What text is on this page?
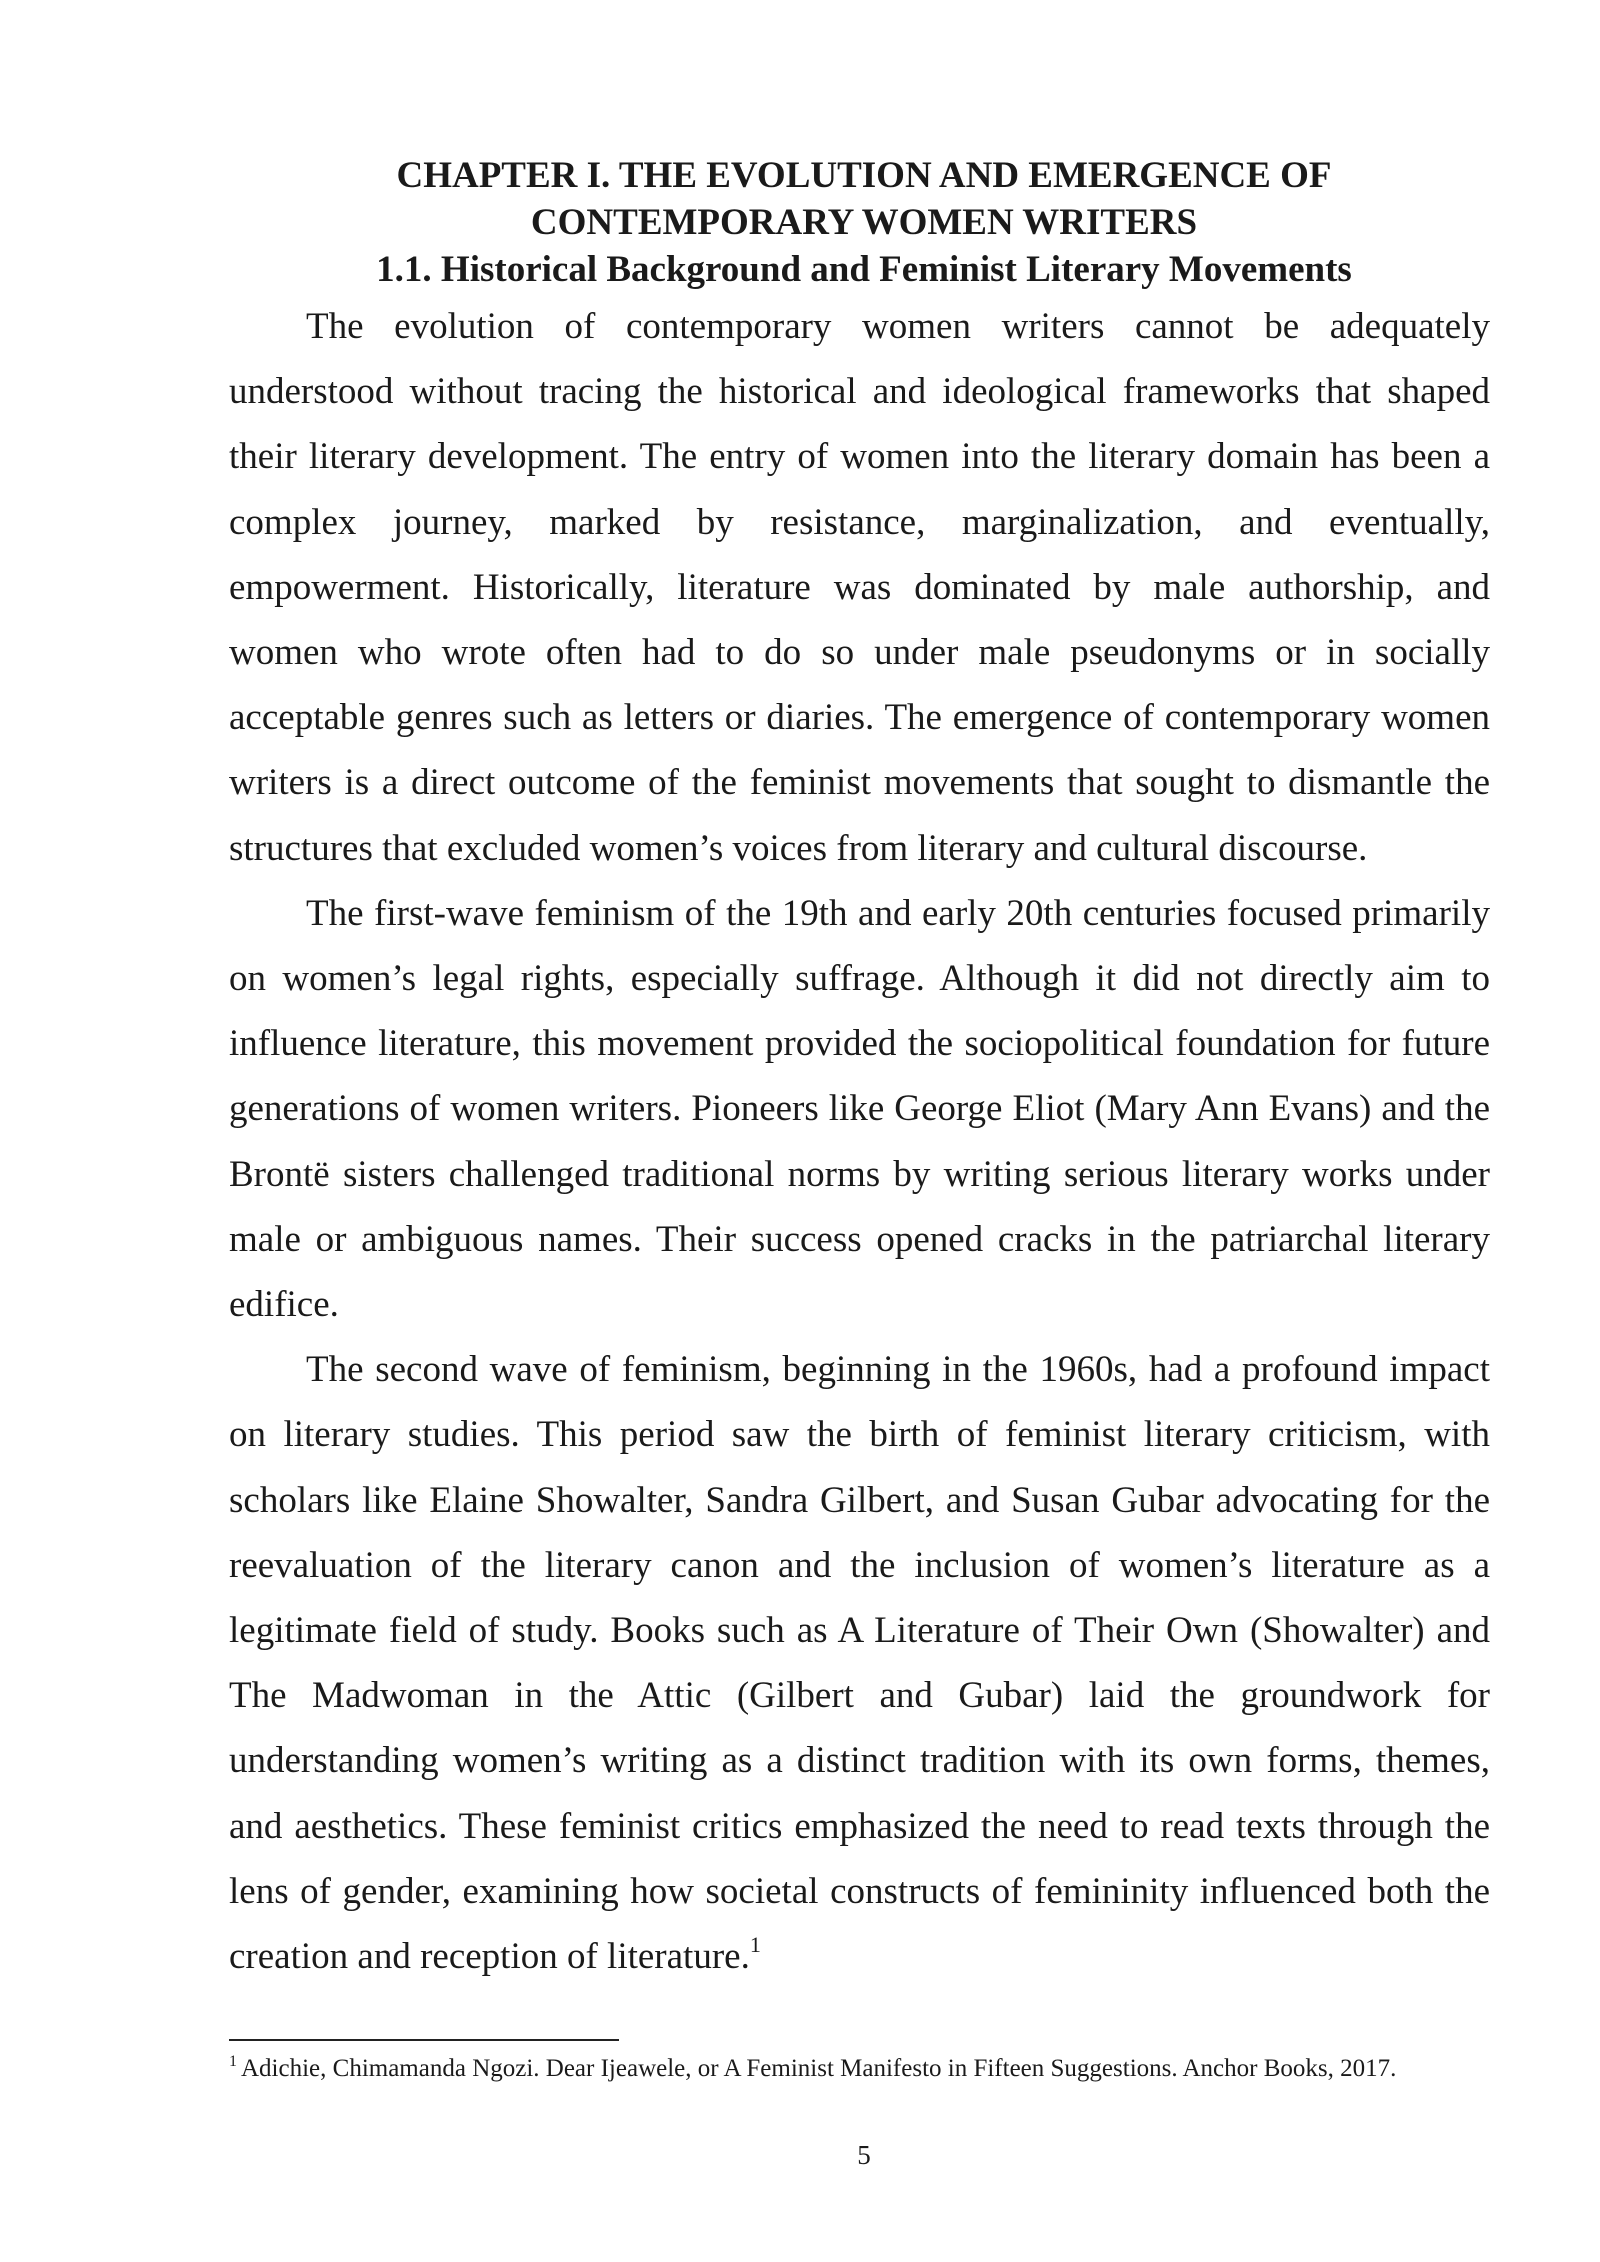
CHAPTER I. THE EVOLUTION AND EMERGENCE OF
CONTEMPORARY WOMEN WRITERS
1.1. Historical Background and Feminist Literary Movements

The evolution of contemporary women writers cannot be adequately understood without tracing the historical and ideological frameworks that shaped their literary development. The entry of women into the literary domain has been a complex journey, marked by resistance, marginalization, and eventually, empowerment. Historically, literature was dominated by male authorship, and women who wrote often had to do so under male pseudonyms or in socially acceptable genres such as letters or diaries. The emergence of contemporary women writers is a direct outcome of the feminist movements that sought to dismantle the structures that excluded women’s voices from literary and cultural discourse.

The first-wave feminism of the 19th and early 20th centuries focused primarily on women’s legal rights, especially suffrage. Although it did not directly aim to influence literature, this movement provided the sociopolitical foundation for future generations of women writers. Pioneers like George Eliot (Mary Ann Evans) and the Brontë sisters challenged traditional norms by writing serious literary works under male or ambiguous names. Their success opened cracks in the patriarchal literary edifice.

The second wave of feminism, beginning in the 1960s, had a profound impact on literary studies. This period saw the birth of feminist literary criticism, with scholars like Elaine Showalter, Sandra Gilbert, and Susan Gubar advocating for the reevaluation of the literary canon and the inclusion of women’s literature as a legitimate field of study. Books such as A Literature of Their Own (Showalter) and The Madwoman in the Attic (Gilbert and Gubar) laid the groundwork for understanding women’s writing as a distinct tradition with its own forms, themes, and aesthetics. These feminist critics emphasized the need to read texts through the lens of gender, examining how societal constructs of femininity influenced both the creation and reception of literature.$^1$

$^1$ Adichie, Chimamanda Ngozi. Dear Ijeawele, or A Feminist Manifesto in Fifteen Suggestions. Anchor Books, 2017.

5
